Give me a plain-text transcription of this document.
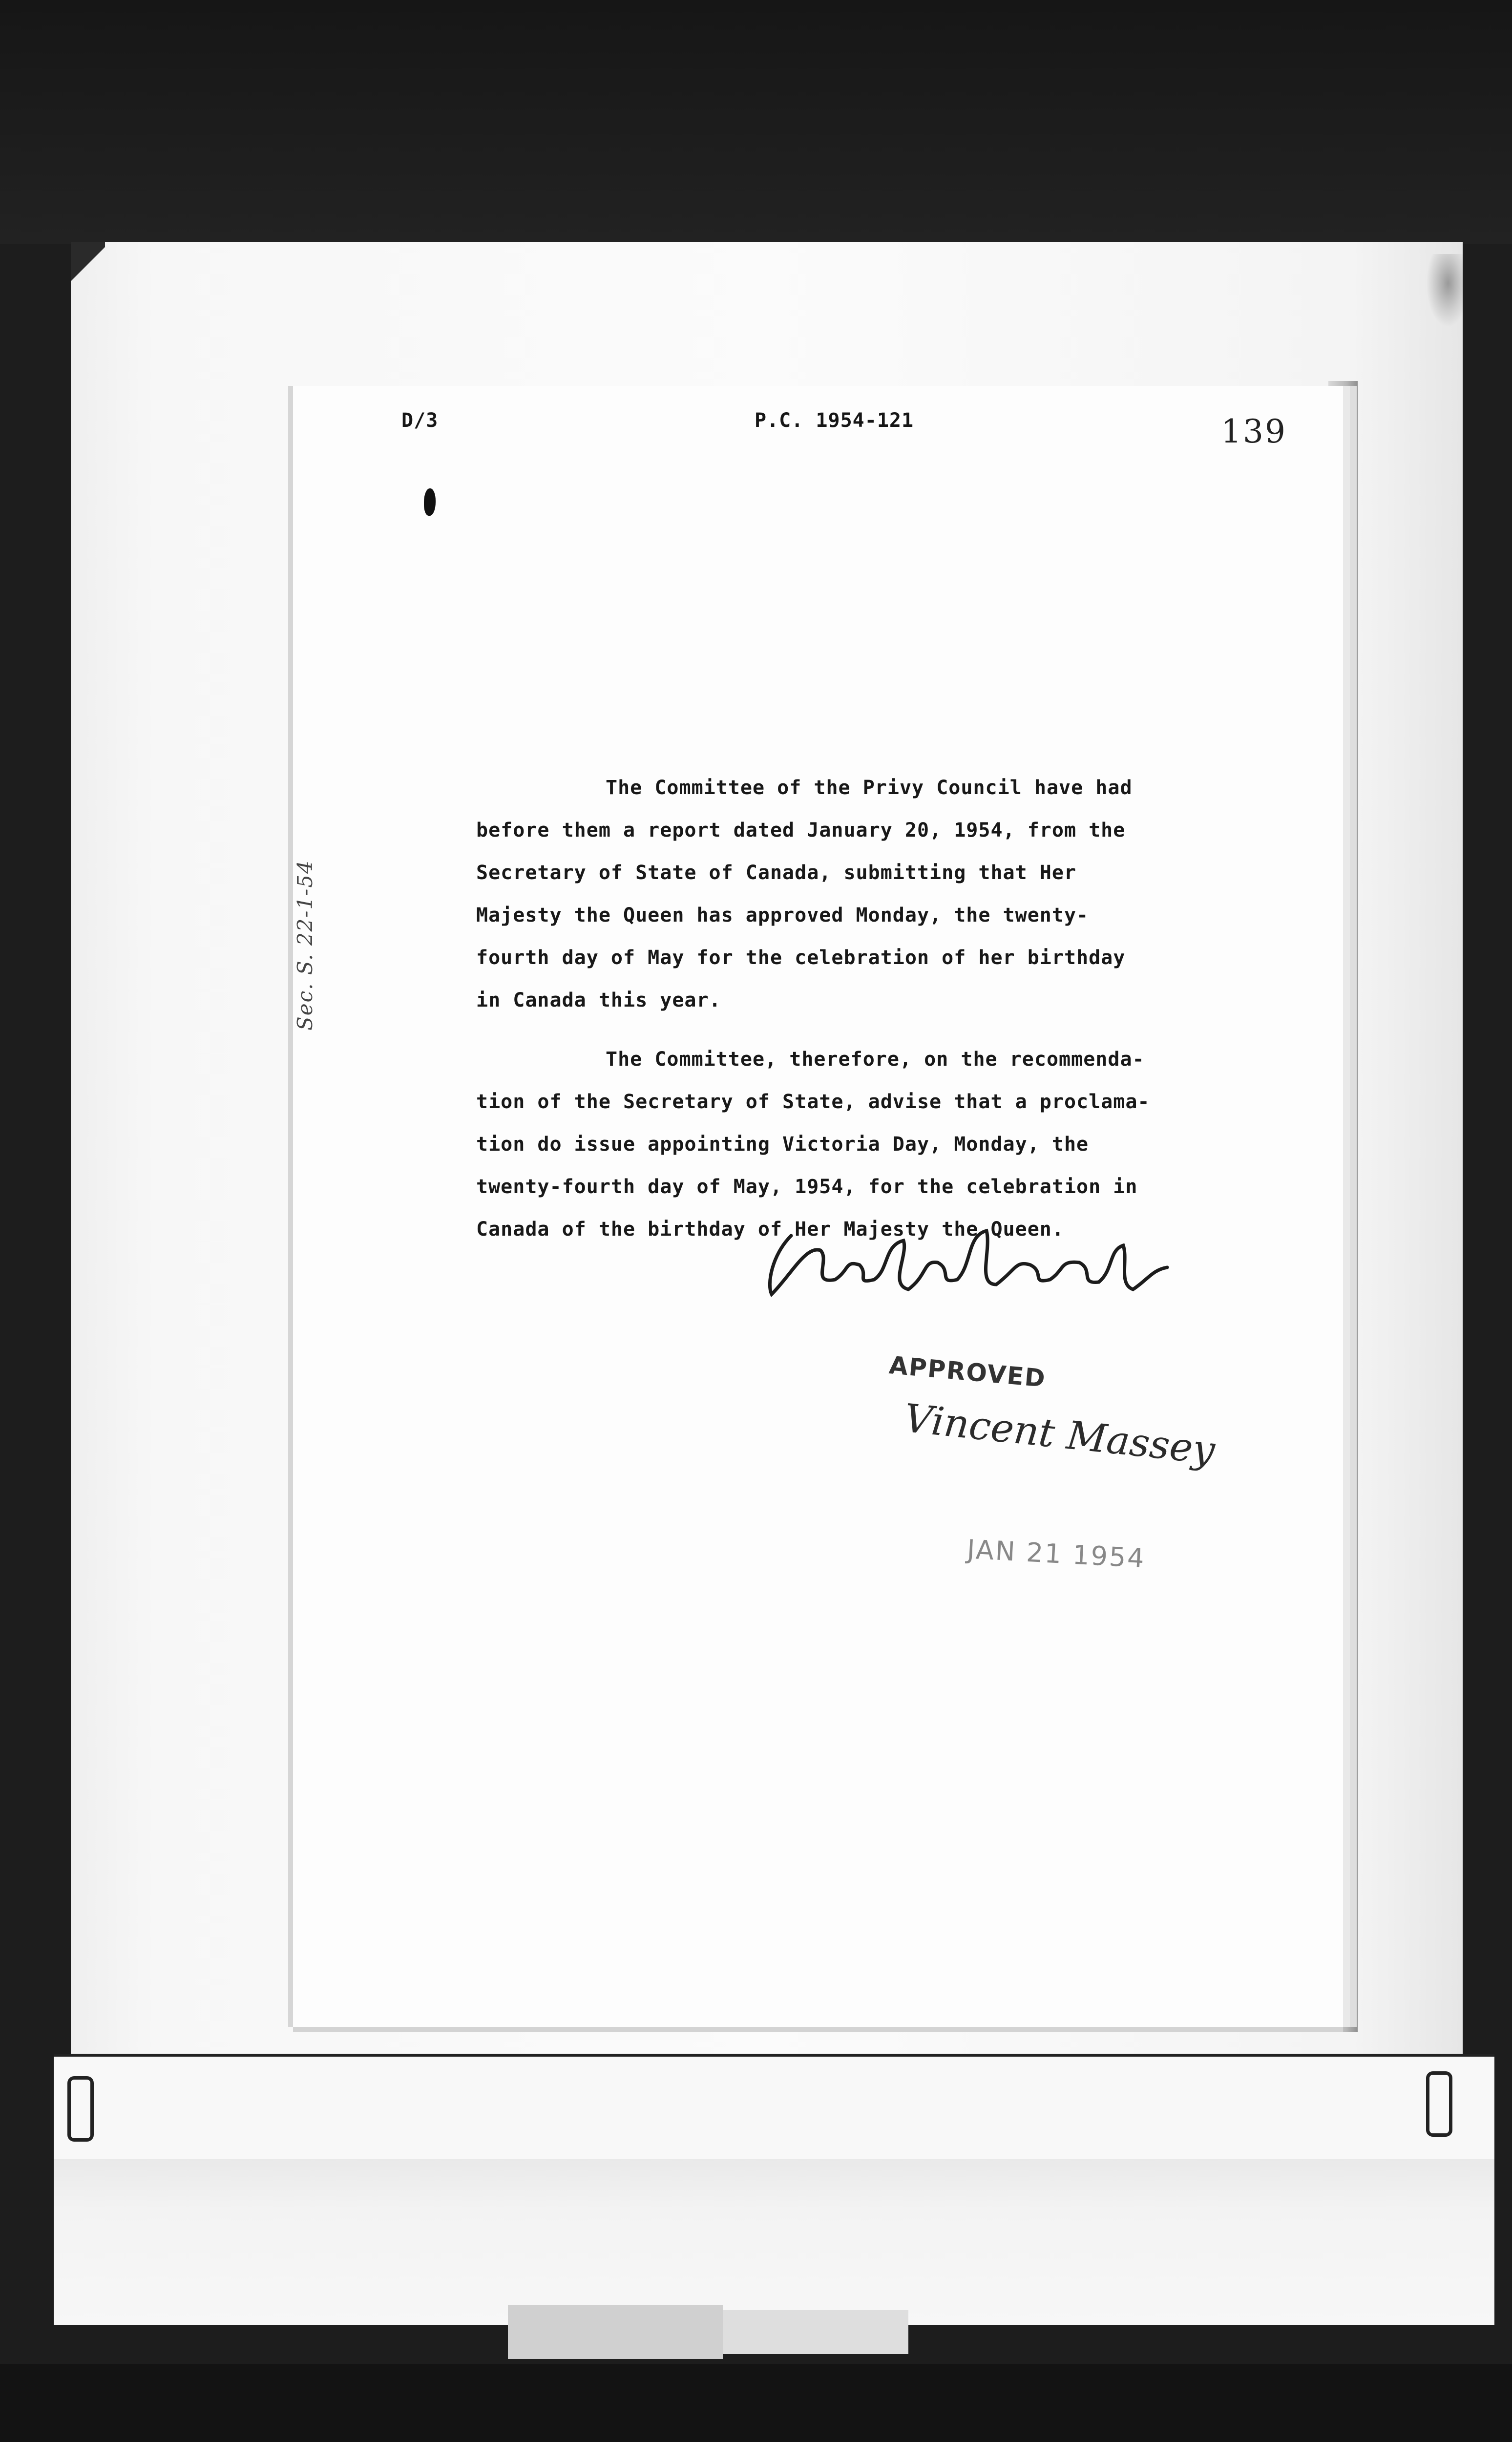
D/3	P.C. 1954-121	139
The Committee of the Privy Council have had
before them a report dated January 20, 1954, from the
Secretary of State of Canada, submitting that Her
Majesty the Queen has approved Monday, the twenty-
fourth day of May for the celebration of her birthday
in Canada this year.
The Committee, therefore, on the recommenda-
tion of the Secretary of State, advise that a proclama-
tion do issue appointing Victoria Day, Monday, the
twenty-fourth day of May, 1954, for the celebration in
Canada of the birthday of Her Majesty the Queen.
Sec. S. 22-1-54
APPROVED
Vincent Massey
JAN 21 1954
